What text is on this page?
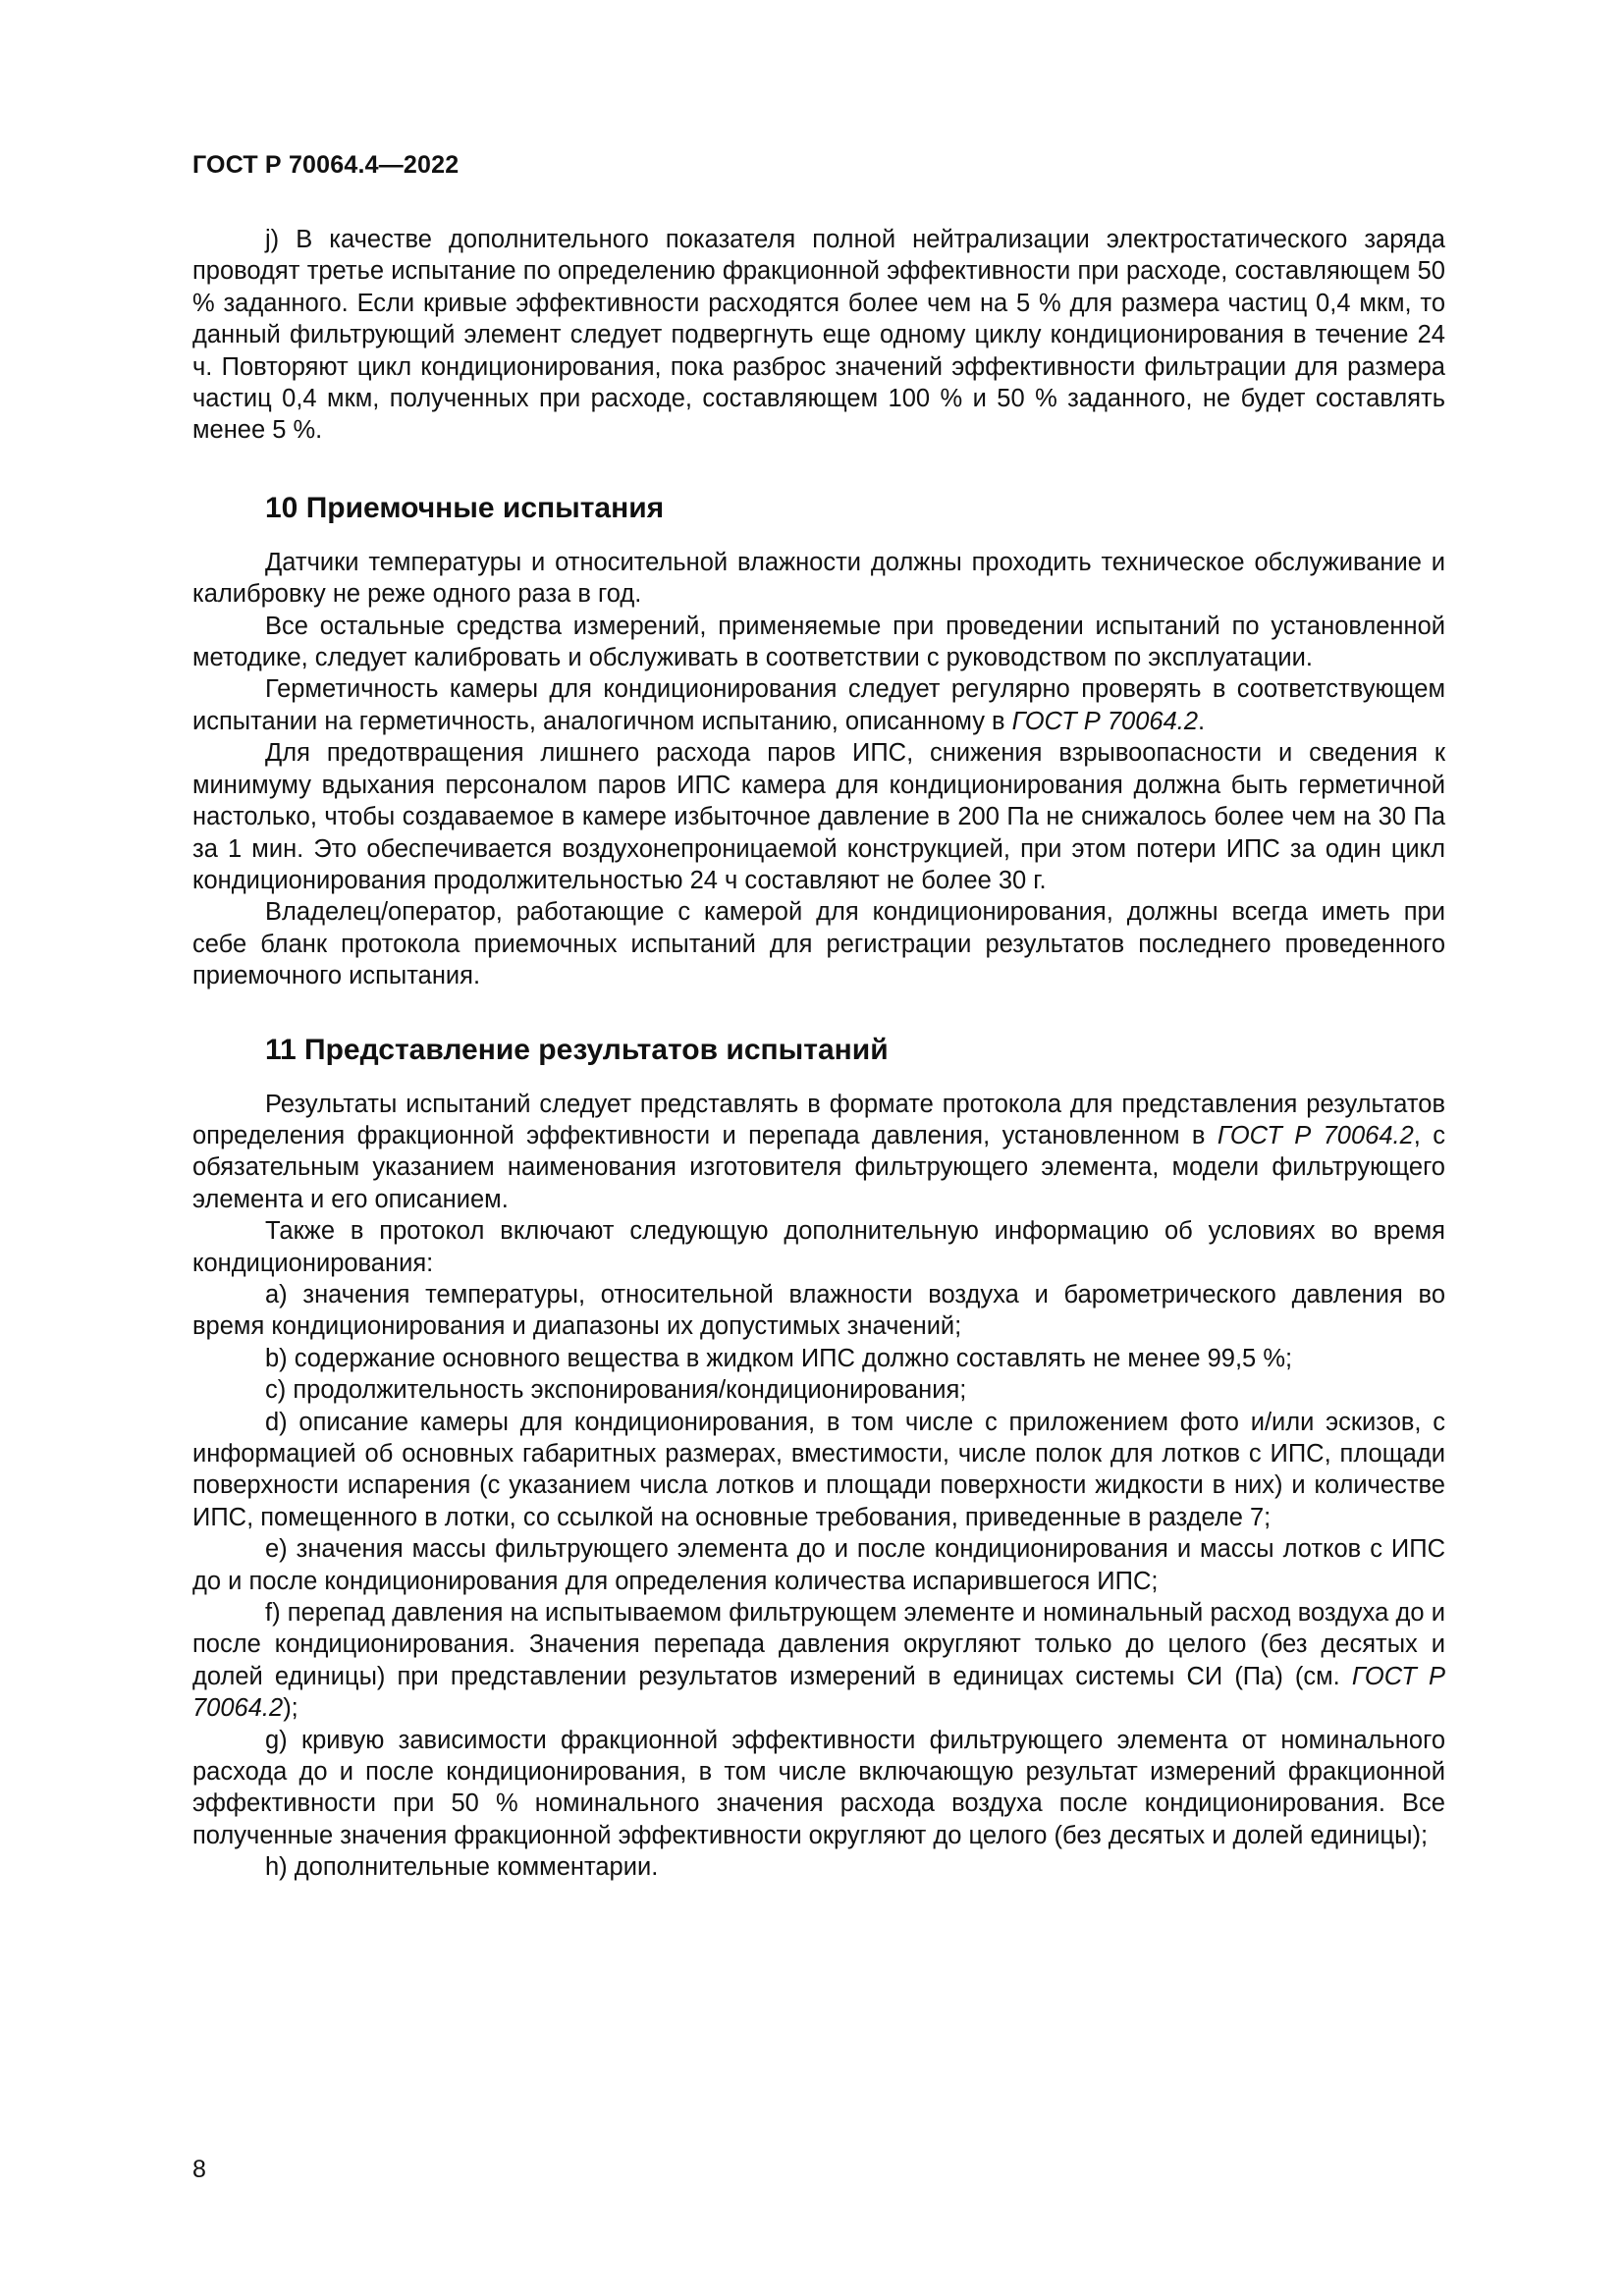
ГОСТ Р 70064.4—2022

j) В качестве дополнительного показателя полной нейтрализации электростатического заряда проводят третье испытание по определению фракционной эффективности при расходе, составляющем 50 % заданного. Если кривые эффективности расходятся более чем на 5 % для размера частиц 0,4 мкм, то данный фильтрующий элемент следует подвергнуть еще одному циклу кондиционирования в течение 24 ч. Повторяют цикл кондиционирования, пока разброс значений эффективности фильтрации для размера частиц 0,4 мкм, полученных при расходе, составляющем 100 % и 50 % заданного, не будет составлять менее 5 %.

10 Приемочные испытания

Датчики температуры и относительной влажности должны проходить техническое обслуживание и калибровку не реже одного раза в год.

Все остальные средства измерений, применяемые при проведении испытаний по установленной методике, следует калибровать и обслуживать в соответствии с руководством по эксплуатации.

Герметичность камеры для кондиционирования следует регулярно проверять в соответствующем испытании на герметичность, аналогичном испытанию, описанному в ГОСТ Р 70064.2.

Для предотвращения лишнего расхода паров ИПС, снижения взрывоопасности и сведения к минимуму вдыхания персоналом паров ИПС камера для кондиционирования должна быть герметичной настолько, чтобы создаваемое в камере избыточное давление в 200 Па не снижалось более чем на 30 Па за 1 мин. Это обеспечивается воздухонепроницаемой конструкцией, при этом потери ИПС за один цикл кондиционирования продолжительностью 24 ч составляют не более 30 г.

Владелец/оператор, работающие с камерой для кондиционирования, должны всегда иметь при себе бланк протокола приемочных испытаний для регистрации результатов последнего проведенного приемочного испытания.

11 Представление результатов испытаний

Результаты испытаний следует представлять в формате протокола для представления результатов определения фракционной эффективности и перепада давления, установленном в ГОСТ Р 70064.2, с обязательным указанием наименования изготовителя фильтрующего элемента, модели фильтрующего элемента и его описанием.

Также в протокол включают следующую дополнительную информацию об условиях во время кондиционирования:

a) значения температуры, относительной влажности воздуха и барометрического давления во время кондиционирования и диапазоны их допустимых значений;

b) содержание основного вещества в жидком ИПС должно составлять не менее 99,5 %;

c) продолжительность экспонирования/кондиционирования;

d) описание камеры для кондиционирования, в том числе с приложением фото и/или эскизов, с информацией об основных габаритных размерах, вместимости, числе полок для лотков с ИПС, площади поверхности испарения (с указанием числа лотков и площади поверхности жидкости в них) и количестве ИПС, помещенного в лотки, со ссылкой на основные требования, приведенные в разделе 7;

e) значения массы фильтрующего элемента до и после кондиционирования и массы лотков с ИПС до и после кондиционирования для определения количества испарившегося ИПС;

f) перепад давления на испытываемом фильтрующем элементе и номинальный расход воздуха до и после кондиционирования. Значения перепада давления округляют только до целого (без десятых и долей единицы) при представлении результатов измерений в единицах системы СИ (Па) (см. ГОСТ Р 70064.2);

g) кривую зависимости фракционной эффективности фильтрующего элемента от номинального расхода до и после кондиционирования, в том числе включающую результат измерений фракционной эффективности при 50 % номинального значения расхода воздуха после кондиционирования. Все полученные значения фракционной эффективности округляют до целого (без десятых и долей единицы);

h) дополнительные комментарии.

8
